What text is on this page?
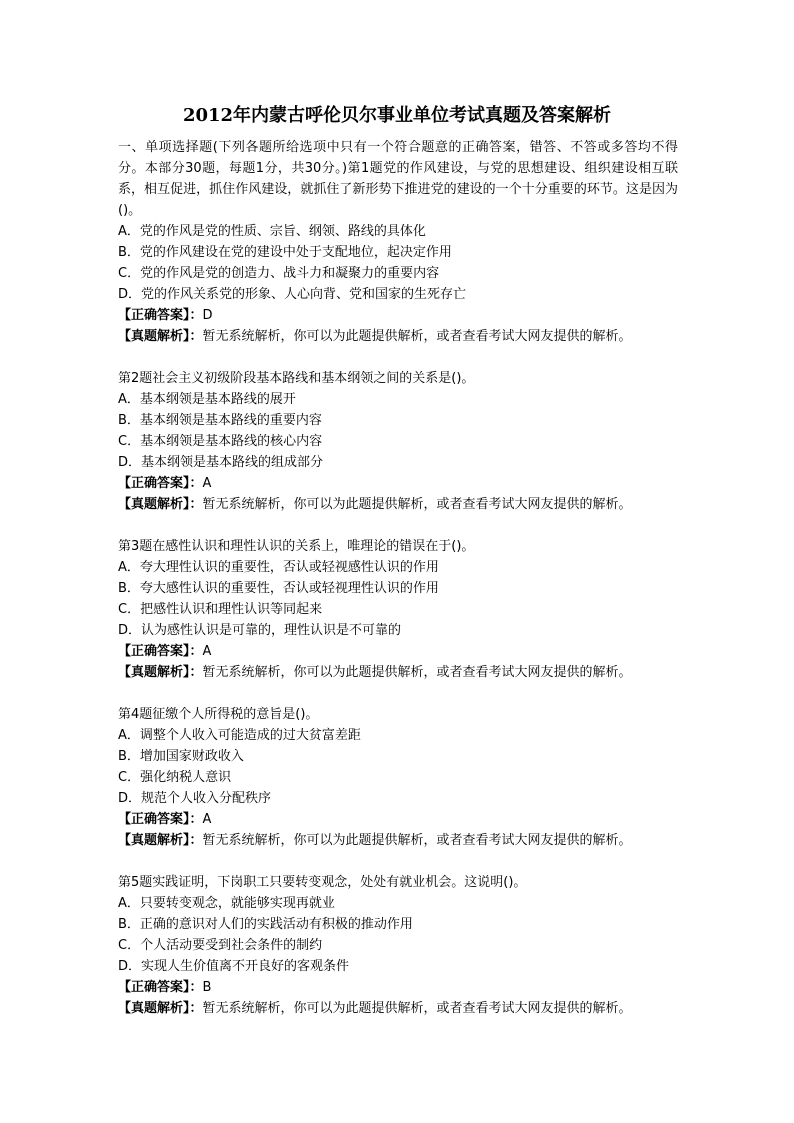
2012年内蒙古呼伦贝尔事业单位考试真题及答案解析

一、单项选择题(下列各题所给选项中只有一个符合题意的正确答案，错答、不答或多答均不得分。本部分30题，每题1分，共30分。)第1题党的作风建设，与党的思想建设、组织建设相互联系，相互促进，抓住作风建设，就抓住了新形势下推进党的建设的一个十分重要的环节。这是因为()。

A．党的作风是党的性质、宗旨、纲领、路线的具体化

B．党的作风建设在党的建设中处于支配地位，起决定作用

C．党的作风是党的创造力、战斗力和凝聚力的重要内容

D．党的作风关系党的形象、人心向背、党和国家的生死存亡

【正确答案】：D

【真题解析】：暂无系统解析，你可以为此题提供解析，或者查看考试大网友提供的解析。

第2题社会主义初级阶段基本路线和基本纲领之间的关系是()。

A．基本纲领是基本路线的展开

B．基本纲领是基本路线的重要内容

C．基本纲领是基本路线的核心内容

D．基本纲领是基本路线的组成部分

【正确答案】：A

【真题解析】：暂无系统解析，你可以为此题提供解析，或者查看考试大网友提供的解析。

第3题在感性认识和理性认识的关系上，唯理论的错误在于()。

A．夸大理性认识的重要性，否认或轻视感性认识的作用

B．夸大感性认识的重要性，否认或轻视理性认识的作用

C．把感性认识和理性认识等同起来

D．认为感性认识是可靠的，理性认识是不可靠的

【正确答案】：A

【真题解析】：暂无系统解析，你可以为此题提供解析，或者查看考试大网友提供的解析。

第4题征缴个人所得税的意旨是()。

A．调整个人收入可能造成的过大贫富差距

B．增加国家财政收入

C．强化纳税人意识

D．规范个人收入分配秩序

【正确答案】：A

【真题解析】：暂无系统解析，你可以为此题提供解析，或者查看考试大网友提供的解析。

第5题实践证明，下岗职工只要转变观念，处处有就业机会。这说明()。

A．只要转变观念，就能够实现再就业

B．正确的意识对人们的实践活动有积极的推动作用

C．个人活动要受到社会条件的制约

D．实现人生价值离不开良好的客观条件

【正确答案】：B

【真题解析】：暂无系统解析，你可以为此题提供解析，或者查看考试大网友提供的解析。
